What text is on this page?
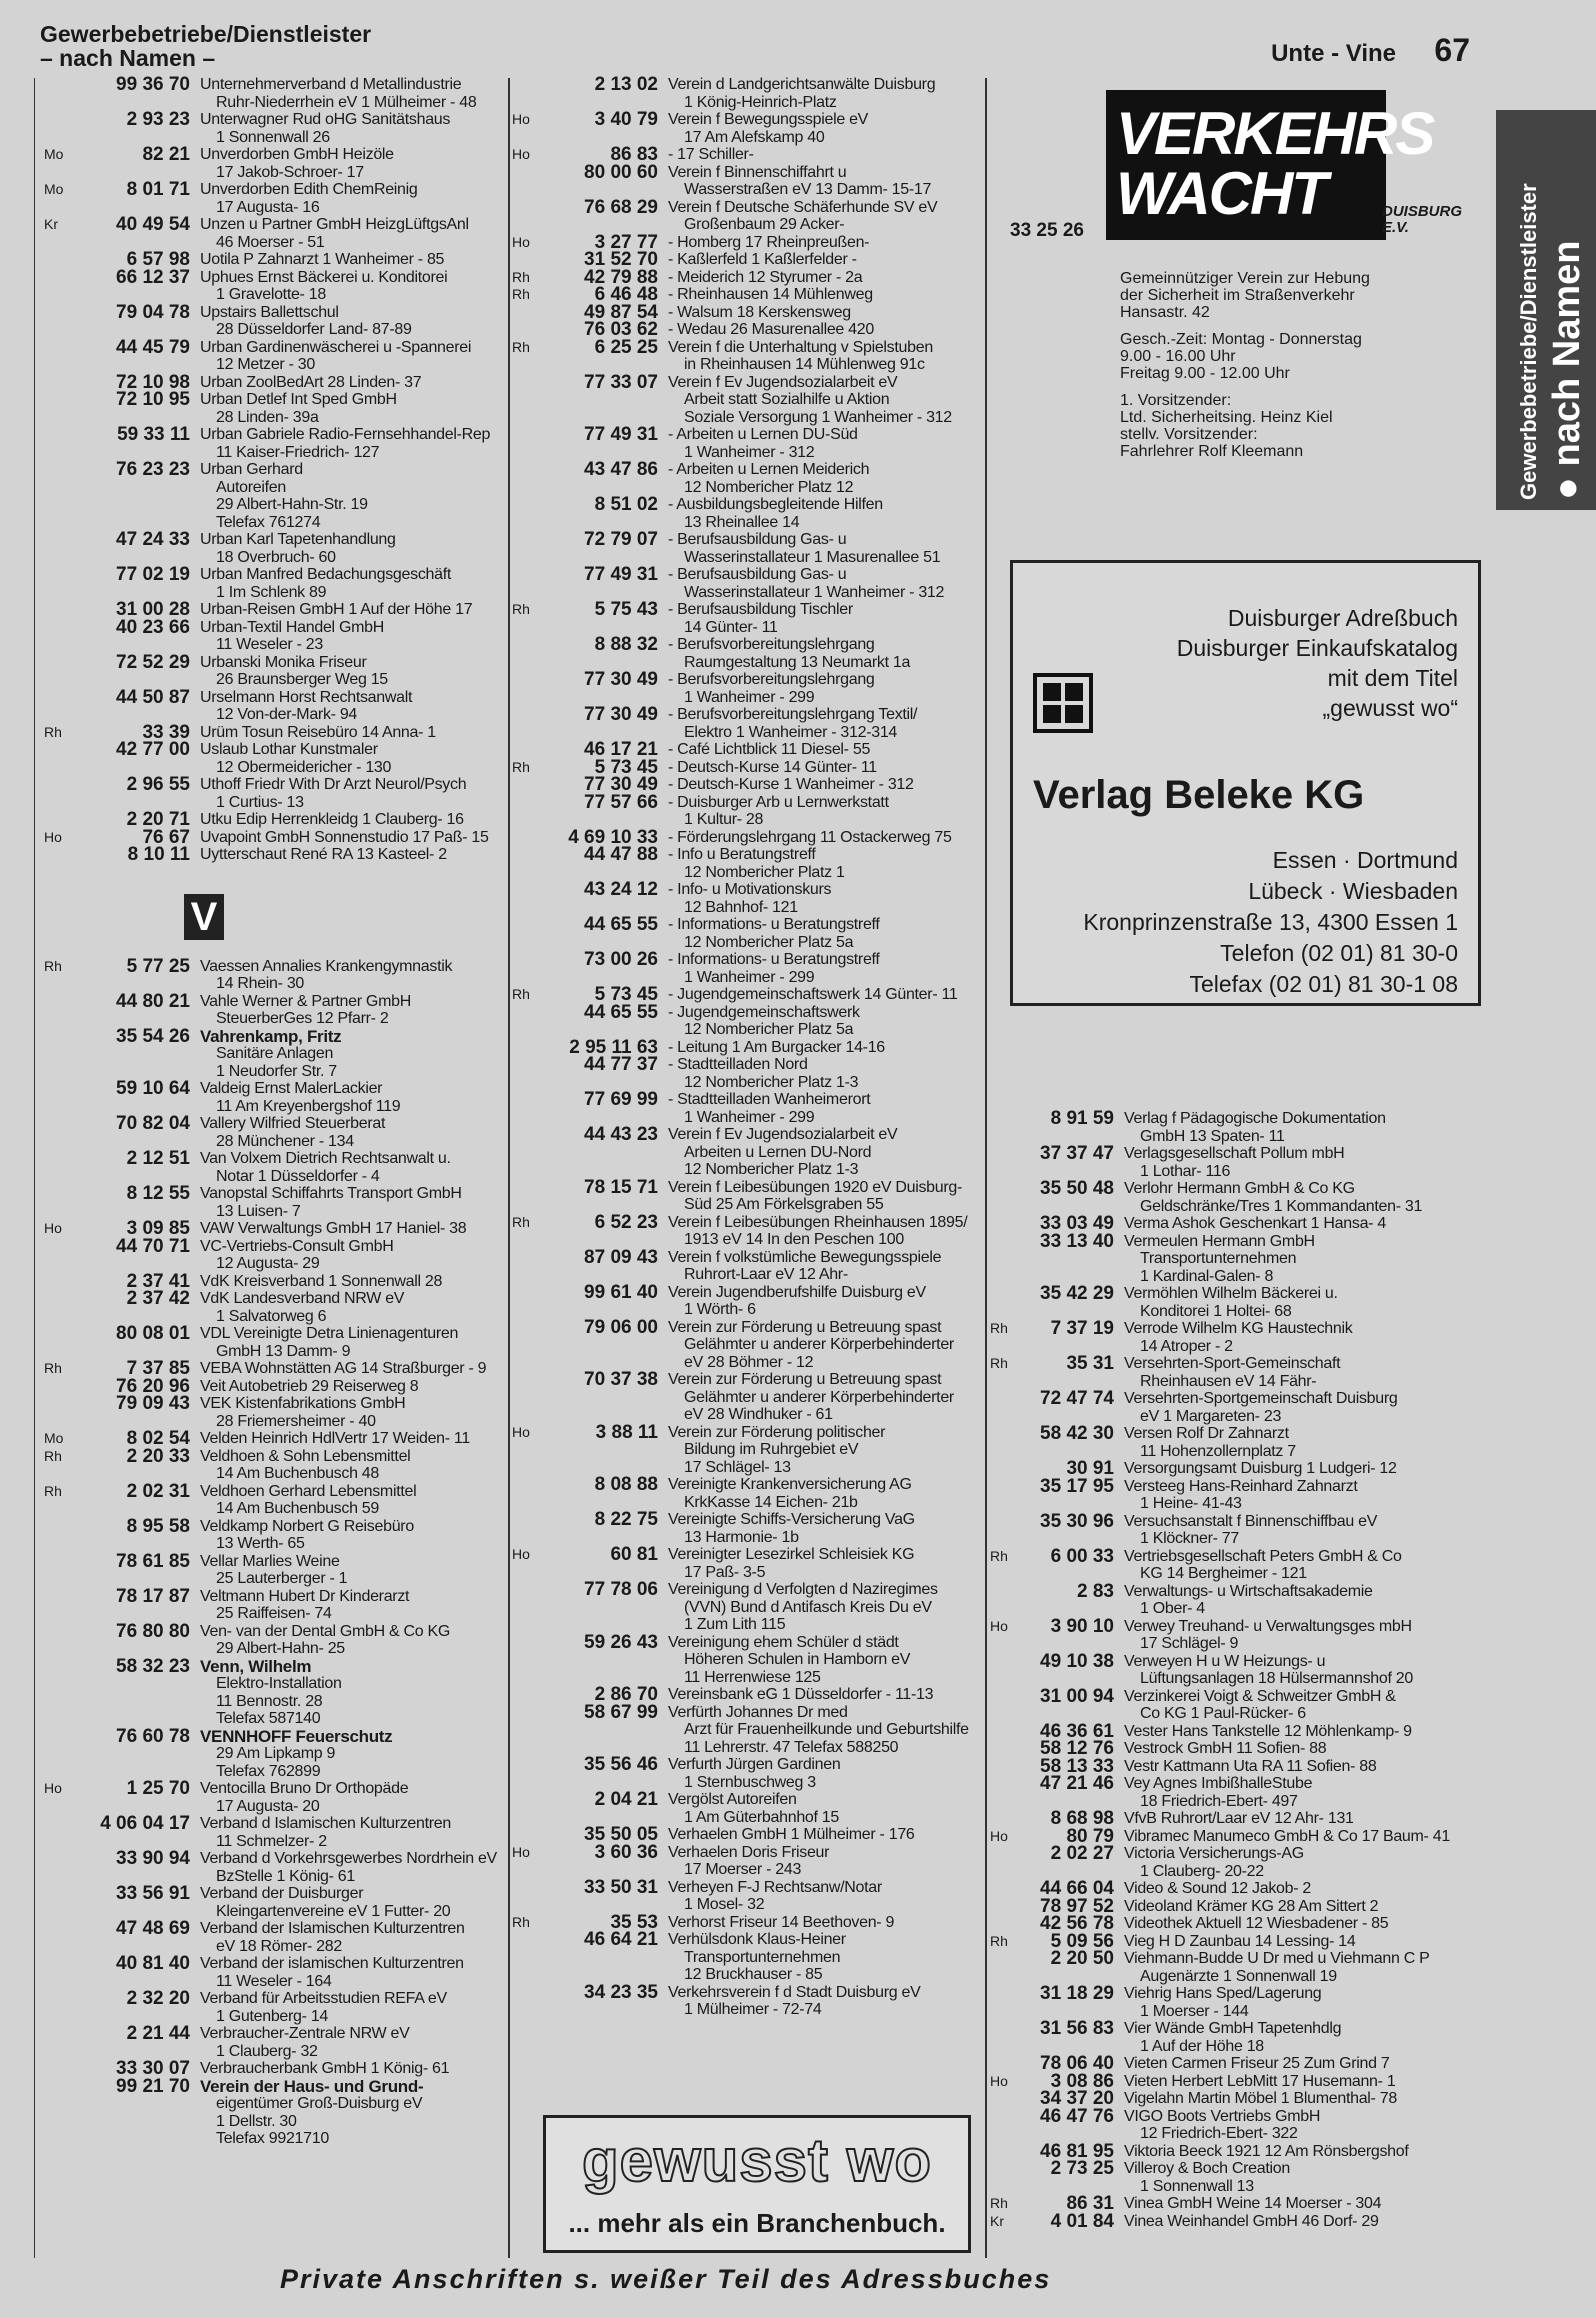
Gewerbebetriebe/Dienstleister
– nach Namen –	Unte - Vine 67
Gewerbebetriebe/Dienstleister ● nach Namen
99 36 70 Unternehmerverband d Metallindustrie
Ruhr-Niederrhein eV 1 Mülheimer - 48
2 93 23 Unterwagner Rud oHG Sanitätshaus
1 Sonnenwall 26
Mo	82 21 Unverdorben GmbH Heizöle
17 Jakob-Schroer- 17
Mo	8 01 71 Unverdorben Edith ChemReinig
17 Augusta- 16
Kr	40 49 54 Unzen u Partner GmbH HeizgLüftgsAnl
46 Moerser - 51
6 57 98 Uotila P Zahnarzt 1 Wanheimer - 85
66 12 37 Uphues Ernst Bäckerei u. Konditorei
1 Gravelotte- 18
79 04 78 Upstairs Ballettschul
28 Düsseldorfer Land- 87-89
44 45 79 Urban Gardinenwäscherei u -Spannerei
12 Metzer - 30
72 10 98 Urban ZoolBedArt 28 Linden- 37
72 10 95 Urban Detlef Int Sped GmbH
28 Linden- 39a
59 33 11 Urban Gabriele Radio-Fernsehhandel-Rep
11 Kaiser-Friedrich- 127
76 23 23 Urban Gerhard
Autoreifen
29 Albert-Hahn-Str. 19
Telefax 761274
47 24 33 Urban Karl Tapetenhandlung
18 Overbruch- 60
77 02 19 Urban Manfred Bedachungsgeschäft
1 Im Schlenk 89
31 00 28 Urban-Reisen GmbH 1 Auf der Höhe 17
40 23 66 Urban-Textil Handel GmbH
11 Weseler - 23
72 52 29 Urbanski Monika Friseur
26 Braunsberger Weg 15
44 50 87 Urselmann Horst Rechtsanwalt
12 Von-der-Mark- 94
Rh	33 39 Urüm Tosun Reisebüro 14 Anna- 1
42 77 00 Uslaub Lothar Kunstmaler
12 Obermeidericher - 130
2 96 55 Uthoff Friedr With Dr Arzt Neurol/Psych
1 Curtius- 13
2 20 71 Utku Edip Herrenkleidg 1 Clauberg- 16
Ho	76 67 Uvapoint GmbH Sonnenstudio 17 Paß- 15
8 10 11 Uytterschaut René RA 13 Kasteel- 2
V
Rh	5 77 25 Vaessen Annalies Krankengymnastik
14 Rhein- 30
44 80 21 Vahle Werner & Partner GmbH
SteuerberGes 12 Pfarr- 2
35 54 26 Vahrenkamp, Fritz
Sanitäre Anlagen
1 Neudorfer Str. 7
59 10 64 Valdeig Ernst MalerLackier
11 Am Kreyenbergshof 119
70 82 04 Vallery Wilfried Steuerberat
28 Münchener - 134
2 12 51 Van Volxem Dietrich Rechtsanwalt u.
Notar 1 Düsseldorfer - 4
8 12 55 Vanopstal Schiffahrts Transport GmbH
13 Luisen- 7
Ho	3 09 85 VAW Verwaltungs GmbH 17 Haniel- 38
44 70 71 VC-Vertriebs-Consult GmbH
12 Augusta- 29
2 37 41 VdK Kreisverband 1 Sonnenwall 28
2 37 42 VdK Landesverband NRW eV
1 Salvatorweg 6
80 08 01 VDL Vereinigte Detra Linienagenturen
GmbH 13 Damm- 9
Rh	7 37 85 VEBA Wohnstätten AG 14 Straßburger - 9
76 20 96 Veit Autobetrieb 29 Reiserweg 8
79 09 43 VEK Kistenfabrikations GmbH
28 Friemersheimer - 40
Mo	8 02 54 Velden Heinrich HdlVertr 17 Weiden- 11
Rh	2 20 33 Veldhoen & Sohn Lebensmittel
14 Am Buchenbusch 48
Rh	2 02 31 Veldhoen Gerhard Lebensmittel
14 Am Buchenbusch 59
8 95 58 Veldkamp Norbert G Reisebüro
13 Werth- 65
78 61 85 Vellar Marlies Weine
25 Lauterberger - 1
78 17 87 Veltmann Hubert Dr Kinderarzt
25 Raiffeisen- 74
76 80 80 Ven- van der Dental GmbH & Co KG
29 Albert-Hahn- 25
58 32 23 Venn, Wilhelm
Elektro-Installation
11 Bennostr. 28
Telefax 587140
76 60 78 VENNHOFF Feuerschutz
29 Am Lipkamp 9
Telefax 762899
Ho	1 25 70 Ventocilla Bruno Dr Orthopäde
17 Augusta- 20
4 06 04 17 Verband d Islamischen Kulturzentren
11 Schmelzer- 2
33 90 94 Verband d Vorkehrsgewerbes Nordrhein eV
BzStelle 1 König- 61
33 56 91 Verband der Duisburger
Kleingartenvereine eV 1 Futter- 20
47 48 69 Verband der Islamischen Kulturzentren
eV 18 Römer- 282
40 81 40 Verband der islamischen Kulturzentren
11 Weseler - 164
2 32 20 Verband für Arbeitsstudien REFA eV
1 Gutenberg- 14
2 21 44 Verbraucher-Zentrale NRW eV
1 Clauberg- 32
33 30 07 Verbraucherbank GmbH 1 König- 61
99 21 70 Verein der Haus- und Grund-
eigentümer Groß-Duisburg eV
1 Dellstr. 30
Telefax 9921710
2 13 02 Verein d Landgerichtsanwälte Duisburg
1 König-Heinrich-Platz
Ho	3 40 79 Verein f Bewegungsspiele eV
17 Am Alefskamp 40
Ho	86 83 - 17 Schiller-
80 00 60 Verein f Binnenschiffahrt u
Wasserstraßen eV 13 Damm- 15-17
76 68 29 Verein f Deutsche Schäferhunde SV eV
Großenbaum 29 Acker-
Ho	3 27 77 - Homberg 17 Rheinpreußen-
31 52 70 - Kaßlerfeld 1 Kaßlerfelder -
Rh	42 79 88 - Meiderich 12 Styrumer - 2a
Rh	6 46 48 - Rheinhausen 14 Mühlenweg
49 87 54 - Walsum 18 Kerskensweg
76 03 62 - Wedau 26 Masurenallee 420
Rh	6 25 25 Verein f die Unterhaltung v Spielstuben
in Rheinhausen 14 Mühlenweg 91c
77 33 07 Verein f Ev Jugendsozialarbeit eV
Arbeit statt Sozialhilfe u Aktion
Soziale Versorgung 1 Wanheimer - 312
77 49 31 - Arbeiten u Lernen DU-Süd
1 Wanheimer - 312
43 47 86 - Arbeiten u Lernen Meiderich
12 Nombericher Platz 12
8 51 02 - Ausbildungsbegleitende Hilfen
13 Rheinallee 14
72 79 07 - Berufsausbildung Gas- u
Wasserinstallateur 1 Masurenallee 51
77 49 31 - Berufsausbildung Gas- u
Wasserinstallateur 1 Wanheimer - 312
Rh	5 75 43 - Berufsausbildung Tischler
14 Günter- 11
8 88 32 - Berufsvorbereitungslehrgang
Raumgestaltung 13 Neumarkt 1a
77 30 49 - Berufsvorbereitungslehrgang
1 Wanheimer - 299
77 30 49 - Berufsvorbereitungslehrgang Textil/
Elektro 1 Wanheimer - 312-314
46 17 21 - Café Lichtblick 11 Diesel- 55
Rh	5 73 45 - Deutsch-Kurse 14 Günter- 11
77 30 49 - Deutsch-Kurse 1 Wanheimer - 312
77 57 66 - Duisburger Arb u Lernwerkstatt
1 Kultur- 28
4 69 10 33 - Förderungslehrgang 11 Ostackerweg 75
44 47 88 - Info u Beratungstreff
12 Nombericher Platz 1
43 24 12 - Info- u Motivationskurs
12 Bahnhof- 121
44 65 55 - Informations- u Beratungstreff
12 Nombericher Platz 5a
73 00 26 - Informations- u Beratungstreff
1 Wanheimer - 299
Rh	5 73 45 - Jugendgemeinschaftswerk 14 Günter- 11
44 65 55 - Jugendgemeinschaftswerk
12 Nombericher Platz 5a
2 95 11 63 - Leitung 1 Am Burgacker 14-16
44 77 37 - Stadtteilladen Nord
12 Nombericher Platz 1-3
77 69 99 - Stadtteilladen Wanheimerort
1 Wanheimer - 299
44 43 23 Verein f Ev Jugendsozialarbeit eV
Arbeiten u Lernen DU-Nord
12 Nombericher Platz 1-3
78 15 71 Verein f Leibesübungen 1920 eV Duisburg-
Süd 25 Am Förkelsgraben 55
Rh	6 52 23 Verein f Leibesübungen Rheinhausen 1895/
1913 eV 14 In den Peschen 100
87 09 43 Verein f volkstümliche Bewegungsspiele
Ruhrort-Laar eV 12 Ahr-
99 61 40 Verein Jugendberufshilfe Duisburg eV
1 Wörth- 6
79 06 00 Verein zur Förderung u Betreuung spast
Gelähmter u anderer Körperbehinderter
eV 28 Böhmer - 12
70 37 38 Verein zur Förderung u Betreuung spast
Gelähmter u anderer Körperbehinderter
eV 28 Windhuker - 61
Ho	3 88 11 Verein zur Förderung politischer
Bildung im Ruhrgebiet eV
17 Schlägel- 13
8 08 88 Vereinigte Krankenversicherung AG
KrkKasse 14 Eichen- 21b
8 22 75 Vereinigte Schiffs-Versicherung VaG
13 Harmonie- 1b
Ho	60 81 Vereinigter Lesezirkel Schleisiek KG
17 Paß- 3-5
77 78 06 Vereinigung d Verfolgten d Naziregimes
(VVN) Bund d Antifasch Kreis Du eV
1 Zum Lith 115
59 26 43 Vereinigung ehem Schüler d städt
Höheren Schulen in Hamborn eV
11 Herrenwiese 125
2 86 70 Vereinsbank eG 1 Düsseldorfer - 11-13
58 67 99 Verfürth Johannes Dr med
Arzt für Frauenheilkunde und Geburtshilfe
11 Lehrerstr. 47 Telefax 588250
35 56 46 Verfurth Jürgen Gardinen
1 Sternbuschweg 3
2 04 21 Vergölst Autoreifen
1 Am Güterbahnhof 15
35 50 05 Verhaelen GmbH 1 Mülheimer - 176
Ho	3 60 36 Verhaelen Doris Friseur
17 Moerser - 243
33 50 31 Verheyen F-J Rechtsanw/Notar
1 Mosel- 32
Rh	35 53 Verhorst Friseur 14 Beethoven- 9
46 64 21 Verhülsdonk Klaus-Heiner
Transportunternehmen
12 Bruckhauser - 85
34 23 35 Verkehrsverein f d Stadt Duisburg eV
1 Mülheimer - 72-74
VERKEHRS
WACHT	DUISBURG
E.V.
33 25 26
Gemeinnütziger Verein zur Hebung
der Sicherheit im Straßenverkehr
Hansastr. 42
Gesch.-Zeit: Montag - Donnerstag
9.00 - 16.00 Uhr
Freitag 9.00 - 12.00 Uhr
1. Vorsitzender:
Ltd. Sicherheitsing. Heinz Kiel
stellv. Vorsitzender:
Fahrlehrer Rolf Kleemann
Duisburger Adreßbuch
Duisburger Einkaufskatalog
mit dem Titel
„gewusst wo“
Verlag Beleke KG
Essen · Dortmund
Lübeck · Wiesbaden
Kronprinzenstraße 13, 4300 Essen 1
Telefon (02 01) 81 30-0
Telefax (02 01) 81 30-1 08
8 91 59 Verlag f Pädagogische Dokumentation
GmbH 13 Spaten- 11
37 37 47 Verlagsgesellschaft Pollum mbH
1 Lothar- 116
35 50 48 Verlohr Hermann GmbH & Co KG
Geldschränke/Tres 1 Kommandanten- 31
33 03 49 Verma Ashok Geschenkart 1 Hansa- 4
33 13 40 Vermeulen Hermann GmbH
Transportunternehmen
1 Kardinal-Galen- 8
35 42 29 Vermöhlen Wilhelm Bäckerei u.
Konditorei 1 Holtei- 68
Rh	7 37 19 Verrode Wilhelm KG Haustechnik
14 Atroper - 2
Rh	35 31 Versehrten-Sport-Gemeinschaft
Rheinhausen eV 14 Fähr-
72 47 74 Versehrten-Sportgemeinschaft Duisburg
eV 1 Margareten- 23
58 42 30 Versen Rolf Dr Zahnarzt
11 Hohenzollernplatz 7
30 91 Versorgungsamt Duisburg 1 Ludgeri- 12
35 17 95 Versteeg Hans-Reinhard Zahnarzt
1 Heine- 41-43
35 30 96 Versuchsanstalt f Binnenschiffbau eV
1 Klöckner- 77
Rh	6 00 33 Vertriebsgesellschaft Peters GmbH & Co
KG 14 Bergheimer - 121
2 83 Verwaltungs- u Wirtschaftsakademie
1 Ober- 4
Ho	3 90 10 Verwey Treuhand- u Verwaltungsges mbH
17 Schlägel- 9
49 10 38 Verweyen H u W Heizungs- u
Lüftungsanlagen 18 Hülsermannshof 20
31 00 94 Verzinkerei Voigt & Schweitzer GmbH &
Co KG 1 Paul-Rücker- 6
46 36 61 Vester Hans Tankstelle 12 Möhlenkamp- 9
58 12 76 Vestrock GmbH 11 Sofien- 88
58 13 33 Vestr Kattmann Uta RA 11 Sofien- 88
47 21 46 Vey Agnes ImbißhalleStube
18 Friedrich-Ebert- 497
8 68 98 VfvB Ruhrort/Laar eV 12 Ahr- 131
Ho	80 79 Vibramec Manumeco GmbH & Co 17 Baum- 41
2 02 27 Victoria Versicherungs-AG
1 Clauberg- 20-22
44 66 04 Video & Sound 12 Jakob- 2
78 97 52 Videoland Krämer KG 28 Am Sittert 2
42 56 78 Videothek Aktuell 12 Wiesbadener - 85
Rh	5 09 56 Vieg H D Zaunbau 14 Lessing- 14
2 20 50 Viehmann-Budde U Dr med u Viehmann C P
Augenärzte 1 Sonnenwall 19
31 18 29 Viehrig Hans Sped/Lagerung
1 Moerser - 144
31 56 83 Vier Wände GmbH Tapetenhdlg
1 Auf der Höhe 18
78 06 40 Vieten Carmen Friseur 25 Zum Grind 7
Ho	3 08 86 Vieten Herbert LebMitt 17 Husemann- 1
34 37 20 Vigelahn Martin Möbel 1 Blumenthal- 78
46 47 76 VIGO Boots Vertriebs GmbH
12 Friedrich-Ebert- 322
46 81 95 Viktoria Beeck 1921 12 Am Rönsbergshof
2 73 25 Villeroy & Boch Creation
1 Sonnenwall 13
Rh	86 31 Vinea GmbH Weine 14 Moerser - 304
Kr	4 01 84 Vinea Weinhandel GmbH 46 Dorf- 29
gewusst wo
... mehr als ein Branchenbuch.
Private Anschriften s. weißer Teil des Adressbuches
